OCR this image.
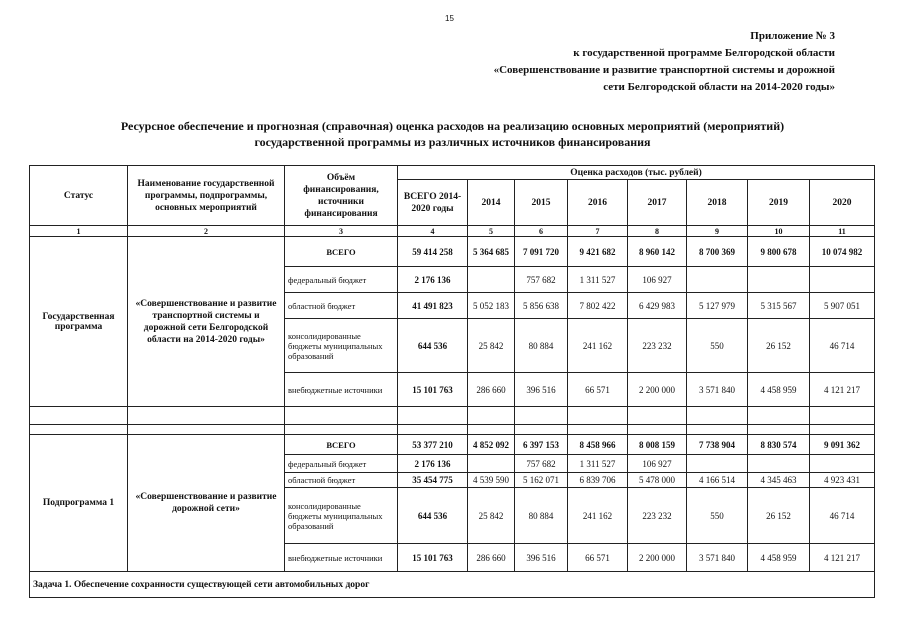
15
Приложение № 3
к государственной программе Белгородской области
«Совершенствование и развитие транспортной системы и дорожной
сети Белгородской области на 2014-2020 годы»
Ресурсное обеспечение и прогнозная (справочная) оценка расходов на реализацию основных мероприятий (мероприятий)
государственной программы из различных источников финансирования
Статус	Наименование государственной программы, подпрограммы, основных мероприятий	Объём финансирования, источники финансирования	Оценка расходов (тыс. рублей)							
			ВСЕГО 2014-2020 годы	2014	2015	2016	2017	2018	2019	2020
1	2	3	4	5	6	7	8	9	10	11
Государственная программа	«Совершенствование и развитие транспортной системы и дорожной сети Белгородской области на 2014-2020 годы»	ВСЕГО	59 414 258	5 364 685	7 091 720	9 421 682	8 960 142	8 700 369	9 800 678	10 074 982
		федеральный бюджет	2 176 136		757 682	1 311 527	106 927			
		областной бюджет	41 491 823	5 052 183	5 856 638	7 802 422	6 429 983	5 127 979	5 315 567	5 907 051
		консолидированные бюджеты муниципальных образований	644 536	25 842	80 884	241 162	223 232	550	26 152	46 714
		внебюджетные источники	15 101 763	286 660	396 516	66 571	2 200 000	3 571 840	4 458 959	4 121 217

Подпрограмма 1	«Совершенствование и развитие дорожной сети»	ВСЕГО	53 377 210	4 852 092	6 397 153	8 458 966	8 008 159	7 738 904	8 830 574	9 091 362
		федеральный бюджет	2 176 136		757 682	1 311 527	106 927			
		областной бюджет	35 454 775	4 539 590	5 162 071	6 839 706	5 478 000	4 166 514	4 345 463	4 923 431
		консолидированные бюджеты муниципальных образований	644 536	25 842	80 884	241 162	223 232	550	26 152	46 714
		внебюджетные источники	15 101 763	286 660	396 516	66 571	2 200 000	3 571 840	4 458 959	4 121 217
Задача 1. Обеспечение сохранности существующей сети автомобильных дорог										
